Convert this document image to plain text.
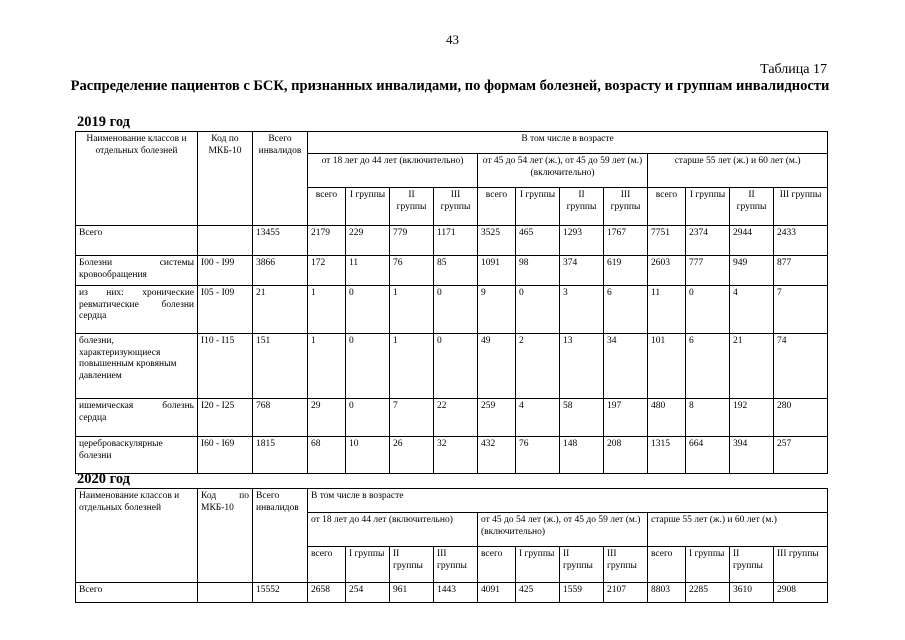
43
Таблица 17
Распределение пациентов с БСК, признанных инвалидами, по формам болезней, возрасту и группам инвалидности
2019 год
Наименование классов и отдельных болезней	Код по МКБ-10	Всего инвалидов	В том числе в возрасте											
			от 18 лет до 44 лет (включительно)				от 45 до 54 лет (ж.), от 45 до 59 лет (м.) (включительно)				старше 55 лет (ж.) и 60 лет (м.)			
			всего	I группы	II группы	III группы	всего	I группы	II группы	III группы	всего	I группы	II группы	III группы
Всего		13455	2179	229	779	1171	3525	465	1293	1767	7751	2374	2944	2433
Болезни системы кровообращения	I00 - I99	3866	172	11	76	85	1091	98	374	619	2603	777	949	877
из них: хронические ревматические болезни сердца	I05 - I09	21	1	0	1	0	9	0	3	6	11	0	4	7
болезни, характеризующиеся повышенным кровяным давлением	I10 - I15	151	1	0	1	0	49	2	13	34	101	6	21	74
ишемическая болезнь сердца	I20 - I25	768	29	0	7	22	259	4	58	197	480	8	192	280
цереброваскулярные болезни	I60 - I69	1815	68	10	26	32	432	76	148	208	1315	664	394	257
2020 год
Наименование классов и отдельных болезней	Код по МКБ-10	Всего инвалидов	В том числе в возрасте											
			от 18 лет до 44 лет (включительно)				от 45 до 54 лет (ж.), от 45 до 59 лет (м.) (включительно)				старше 55 лет (ж.) и 60 лет (м.)			
			всего	I группы	II группы	III группы	всего	I группы	II группы	III группы	всего	I группы	II группы	III группы
Всего		15552	2658	254	961	1443	4091	425	1559	2107	8803	2285	3610	2908
